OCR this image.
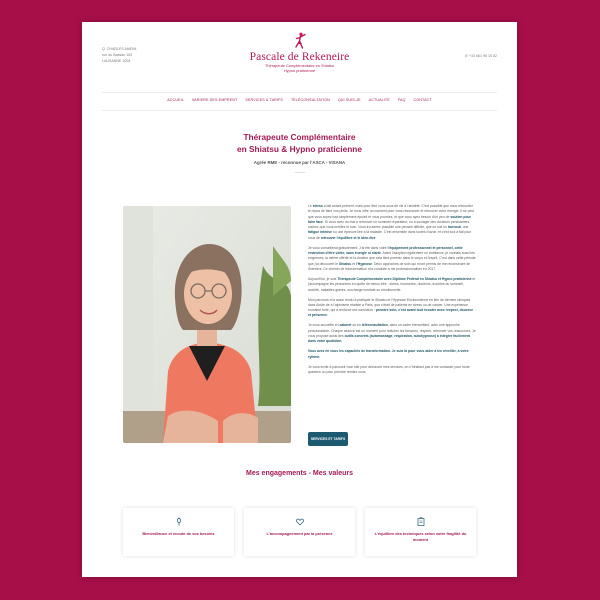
Q. CHARLES-MARIA
rue du Bassan 154
LAUSANNE 1004	Pascale de Rekeneire
Thérapeute Complémentaire en Shiatsu
Hypno praticienne
✆ +33 661 96 15 82
ACCUEIL VARIERE DES EMPRENT SERVICES & TARIFS TÉLÉCONSULTATION QUI SUIS-JE ACTUALITÉ FAQ CONTACT
Thérapeute Complémentaire
en Shiatsu & Hypno praticienne
Agrée RME - reconnue par l'ASCA - VISANA

Le stress a fait autant présent, mais pour être vous sous de vie à l'anxiété. C'est possible que vous retrouviez le repos de faire vos pieds. Je vous offre un moment pour vous ressourcer et retrouver votre énergie. Il se peut que vous soyez tout simplement épuisé et vous pourriez, et que vous ayez besoin d'un peu de soutien pour faire face. Si vous avez du mal à retrouver un sommeil réparateur, ou à soulager des douleurs persistantes, sachez que vous méritez le soin. Vous trouverez possible une pensée difficile, que ce soit un burnout, une fatigue intense ou une épreuve liée à la maladie. C'est ensemble dans toutes d'avoir, et c'est tout à fait pour vous de retrouver l'équilibre et le bien-être

Je vous conseillerai gratuitement. J'ai été dans votre l'équipement professionnel et personnel, cette restriction d'être vidée, sans énergie ni clarté. Avant l'adoption également un ambiance, je connais aussi les exigences, la même offerte et la douleur que cela tient premier dans le corps et l'esprit. C'est dans cette période que j'ai découvert le Shiatsu et l'Hypnose. Deux approches de soin qui m'ont permis de me reconstruire de l'intérieur. Ce chemin de transformation m'a conduite à me professionnaliser en 2017.

Aujourd'hui, je suis Thérapeute Complémentaire avec Diplôme Fédéral en Shiatsu et Hypno praticienne et j'accompagne les personnes en quête de mieux-être : stress, insomnies, douleurs, troubles du sommeil, anxiété, maladies graves, surcharge mentale ou émotionnelle.

Mon parcours m'a aussi rendu à pratiquer le Shiatsu et l'Hypnose Ericksonienne en lien de dermes cliniques dans Aoûte de à l'alpinisme réaliste à Paris, que c'était de patients en stress ou de cancer. Une expérience humaine forte, qui a renforcé ma conviction : prendre soin, c'est avant tout écouter avec respect, douceur et présence.

Je vous accueille en cabinet ou en téléconsultation, dans un cadre bienveillant, avec une approche personnalisée. Chaque séance est un moment pour relâcher les tensions, respirer, retrouver vos ressources. Je vous propose aussi des outils concrets (automassage, respiration, autohypnose) à intégrer facilement dans votre quotidien.

Vous avez en vous les capacités de transformation. Je suis là pour vous aider à les réveiller, à votre rythme.

Je vous invite à parcourir mon site pour découvrir mes services, en n'hésitant pas à me contacter pour toute question ou pour prendre rendez-vous.

SERVICES ET TARIFS
Mes engagements - Mes valeurs
Bienveillance et écoute de vos besoins	L'accompagnement par la présence	L'équilibre des techniques selon votre fragilité du moment
